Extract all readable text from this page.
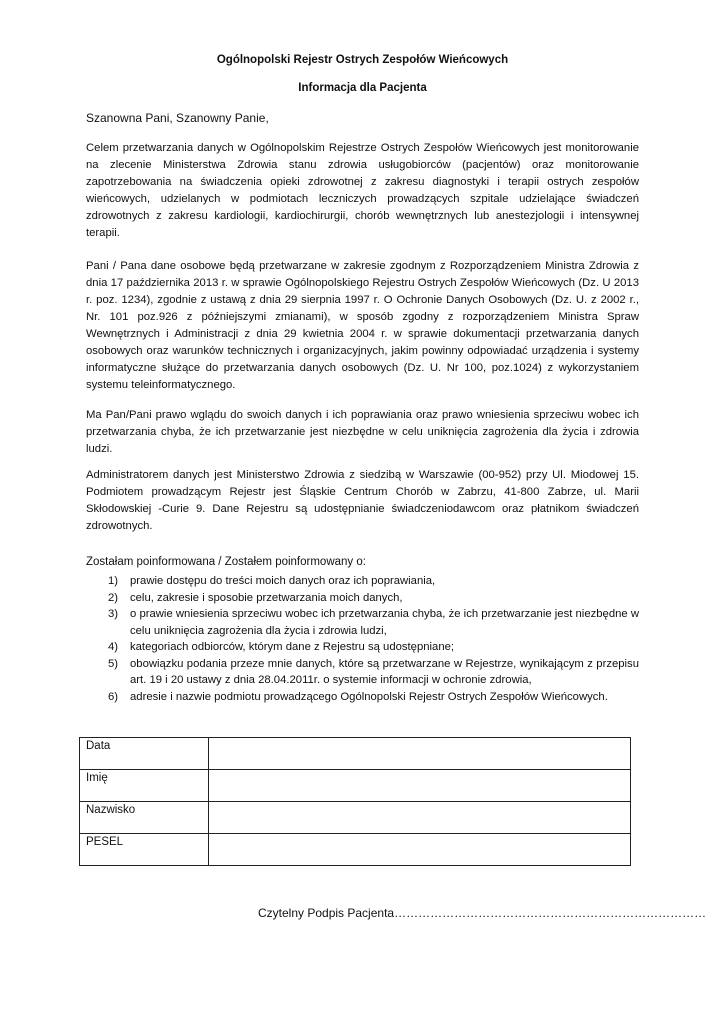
Ogólnopolski Rejestr Ostrych Zespołów Wieńcowych
Informacja dla Pacjenta
Szanowna Pani, Szanowny Panie,

Celem przetwarzania danych w Ogólnopolskim Rejestrze Ostrych Zespołów Wieńcowych jest monitorowanie na zlecenie Ministerstwa Zdrowia stanu zdrowia usługobiorców (pacjentów) oraz monitorowanie zapotrzebowania na świadczenia opieki zdrowotnej z zakresu diagnostyki i terapii ostrych zespołów wieńcowych, udzielanych w podmiotach leczniczych prowadzących szpitale udzielające świadczeń zdrowotnych z zakresu kardiologii, kardiochirurgii, chorób wewnętrznych lub anestezjologii i intensywnej terapii.

Pani / Pana dane osobowe będą przetwarzane w zakresie zgodnym z Rozporządzeniem Ministra Zdrowia z dnia 17 października 2013 r. w sprawie Ogólnopolskiego Rejestru Ostrych Zespołów Wieńcowych (Dz. U 2013 r. poz. 1234), zgodnie z ustawą z dnia 29 sierpnia 1997 r. O Ochronie Danych Osobowych (Dz. U. z 2002 r., Nr. 101 poz.926 z późniejszymi zmianami), w sposób zgodny z rozporządzeniem Ministra Spraw Wewnętrznych i Administracji z dnia 29 kwietnia 2004 r. w sprawie dokumentacji przetwarzania danych osobowych oraz warunków technicznych i organizacyjnych, jakim powinny odpowiadać urządzenia i systemy informatyczne służące do przetwarzania danych osobowych (Dz. U. Nr 100, poz.1024) z wykorzystaniem systemu teleinformatycznego.

Ma Pan/Pani prawo wglądu do swoich danych i ich poprawiania oraz prawo wniesienia sprzeciwu wobec ich przetwarzania chyba, że ich przetwarzanie jest niezbędne w celu uniknięcia zagrożenia dla życia i zdrowia ludzi.

Administratorem danych jest Ministerstwo Zdrowia z siedzibą w Warszawie (00-952) przy Ul. Miodowej 15. Podmiotem prowadzącym Rejestr jest Śląskie Centrum Chorób w Zabrzu, 41-800 Zabrze, ul. Marii Skłodowskiej -Curie 9. Dane Rejestru są udostępnianie świadczeniodawcom oraz płatnikom świadczeń zdrowotnych.

Zostałam poinformowana / Zostałem poinformowany o:
1) prawie dostępu do treści moich danych oraz ich poprawiania,
2) celu, zakresie i sposobie przetwarzania moich danych,
3) o prawie wniesienia sprzeciwu wobec ich przetwarzania chyba, że ich przetwarzanie jest niezbędne w celu uniknięcia zagrożenia dla życia i zdrowia ludzi,
4) kategoriach odbiorców, którym dane z Rejestru są udostępniane;
5) obowiązku podania przeze mnie danych, które są przetwarzane w Rejestrze, wynikającym z przepisu art. 19 i 20 ustawy z dnia 28.04.2011r. o systemie informacji w ochronie zdrowia,
6) adresie i nazwie podmiotu prowadzącego Ogólnopolski Rejestr Ostrych Zespołów Wieńcowych.
Data	
Imię	
Nazwisko	
PESEL	
Czytelny Podpis Pacjenta……………………………………………………………………
